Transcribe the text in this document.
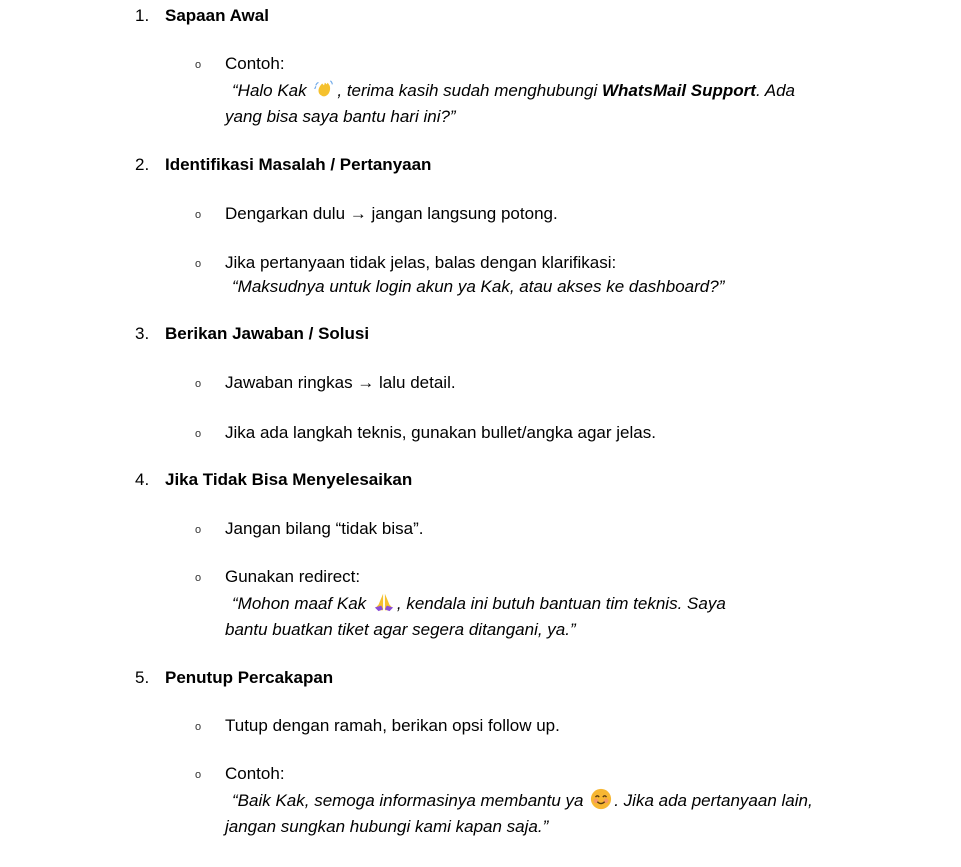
1. Sapaan Awal
o Contoh:
“Halo Kak , terima kasih sudah menghubungi WhatsMail Support. Ada
yang bisa saya bantu hari ini?”
2. Identifikasi Masalah / Pertanyaan
o Dengarkan dulu → jangan langsung potong.
o Jika pertanyaan tidak jelas, balas dengan klarifikasi:
“Maksudnya untuk login akun ya Kak, atau akses ke dashboard?”
3. Berikan Jawaban / Solusi
o Jawaban ringkas → lalu detail.
o Jika ada langkah teknis, gunakan bullet/angka agar jelas.
4. Jika Tidak Bisa Menyelesaikan
o Jangan bilang “tidak bisa”.
o Gunakan redirect:
“Mohon maaf Kak , kendala ini butuh bantuan tim teknis. Saya
bantu buatkan tiket agar segera ditangani, ya.”
5. Penutup Percakapan
o Tutup dengan ramah, berikan opsi follow up.
o Contoh:
“Baik Kak, semoga informasinya membantu ya . Jika ada pertanyaan lain,
jangan sungkan hubungi kami kapan saja.”
